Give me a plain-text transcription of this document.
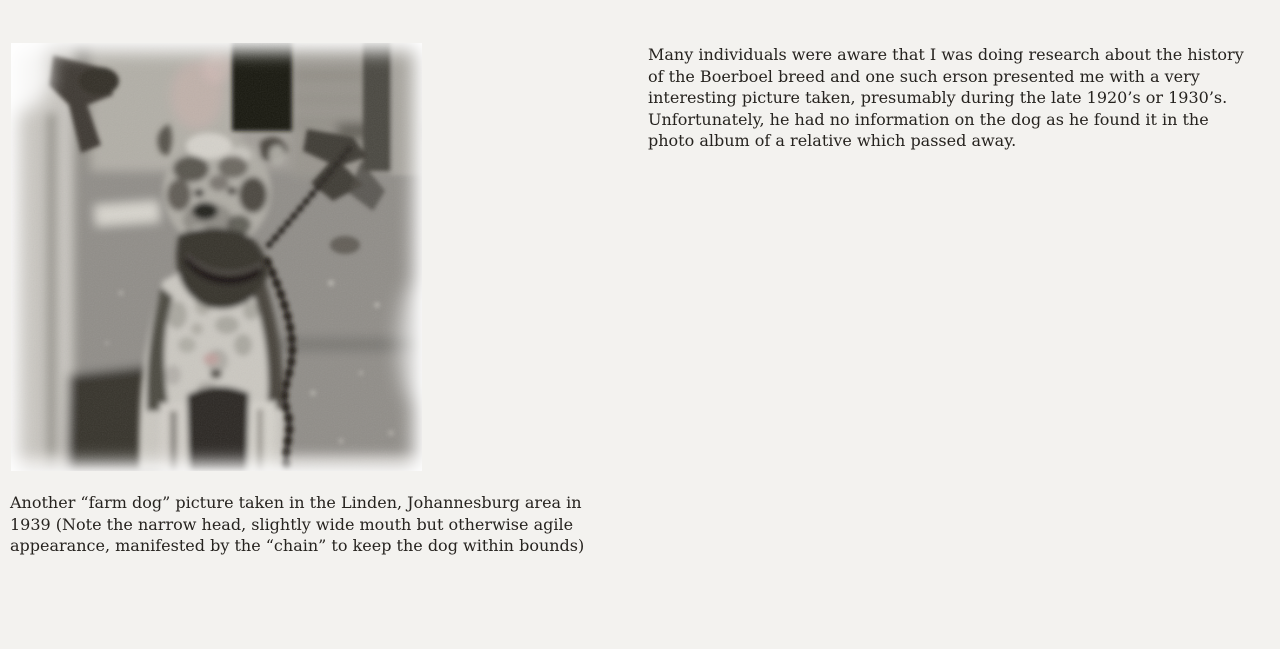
Another “farm dog” picture taken in the Linden, Johannesburg area in
1939 (Note the narrow head, slightly wide mouth but otherwise agile
appearance, manifested by the “chain” to keep the dog within bounds)
Many individuals were aware that I was doing research about the history
of the Boerboel breed and one such erson presented me with a very
interesting picture taken, presumably during the late 1920’s or 1930’s.
Unfortunately, he had no information on the dog as he found it in the
photo album of a relative which passed away.
